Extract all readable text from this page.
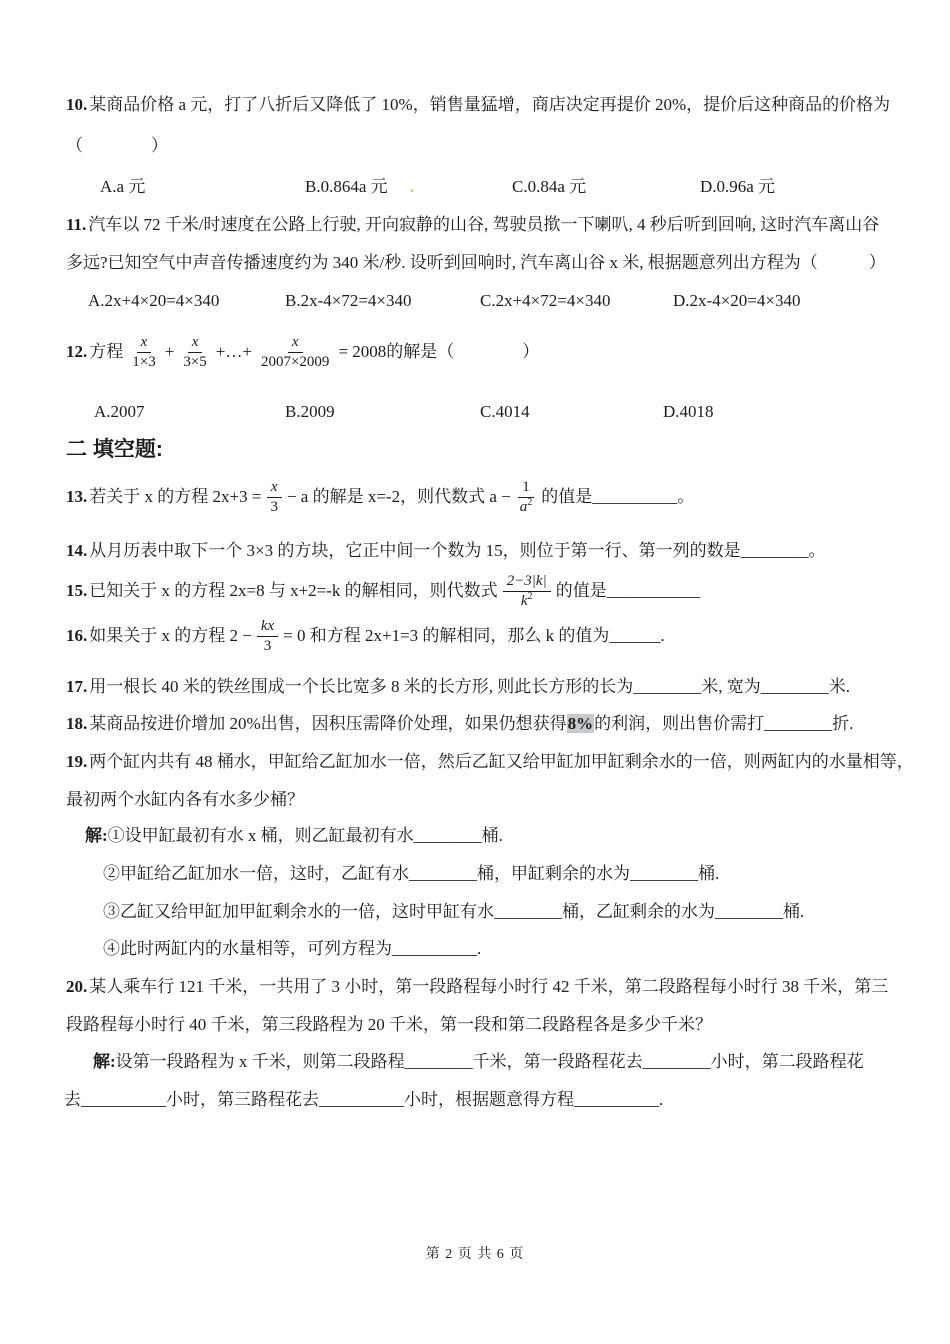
10. 某商品价格 a 元，打了八折后又降低了 10%，销售量猛增，商店决定再提价 20%，提价后这种商品的价格为
（　　　　）
A.a 元	B.0.864a 元 .	C.0.84a 元	D.0.96a 元
11. 汽车以 72 千米/时速度在公路上行驶, 开向寂静的山谷, 驾驶员揿一下喇叭, 4 秒后听到回响, 这时汽车离山谷
多远?已知空气中声音传播速度约为 340 米/秒. 设听到回响时, 汽车离山谷 x 米, 根据题意列出方程为（　　　）
A.2x+4×20=4×340	B.2x-4×72=4×340	C.2x+4×72=4×340	D.2x-4×20=4×340
12. 方程 $\frac{x}{1\times 3} + \frac{x}{3\times 5}$ +…+ $\frac{x}{2007\times 2009} = 2008$ 的解是（　　　　）
A.2007	B.2009	C.4014	D.4018
二 填空题:
13. 若关于 x 的方程 $2x+3 = \frac{x}{3} - a$ 的解是 x=-2，则代数式 $a - \frac{1}{a^2}$ 的值是__________。
14. 从月历表中取下一个 3×3 的方块，它正中间一个数为 15，则位于第一行、第一列的数是________。
15. 已知关于 x 的方程 2x=8 与 x+2=-k 的解相同，则代数式 $\frac{2-3|k|}{k^2}$ 的值是___________
16. 如果关于 x 的方程 $2 - \frac{kx}{3} = 0$ 和方程 2x+1=3 的解相同，那么 k 的值为______.
17. 用一根长 40 米的铁丝围成一个长比宽多 8 米的长方形, 则此长方形的长为________米, 宽为________米.
18. 某商品按进价增加 20%出售，因积压需降价处理，如果仍想获得8%的利润，则出售价需打________折.
19. 两个缸内共有 48 桶水，甲缸给乙缸加水一倍，然后乙缸又给甲缸加甲缸剩余水的一倍，则两缸内的水量相等，
最初两个水缸内各有水多少桶？
解:①设甲缸最初有水 x 桶，则乙缸最初有水________桶.
②甲缸给乙缸加水一倍，这时，乙缸有水________桶，甲缸剩余的水为________桶.
③乙缸又给甲缸加甲缸剩余水的一倍，这时甲缸有水________桶，乙缸剩余的水为________桶.
④此时两缸内的水量相等，可列方程为__________.
20. 某人乘车行 121 千米，一共用了 3 小时，第一段路程每小时行 42 千米，第二段路程每小时行 38 千米，第三
段路程每小时行 40 千米，第三段路程为 20 千米，第一段和第二段路程各是多少千米？
解:设第一段路程为 x 千米，则第二段路程________千米，第一段路程花去________小时，第二段路程花
去__________小时，第三路程花去__________小时，根据题意得方程__________.
第 2 页 共 6 页
